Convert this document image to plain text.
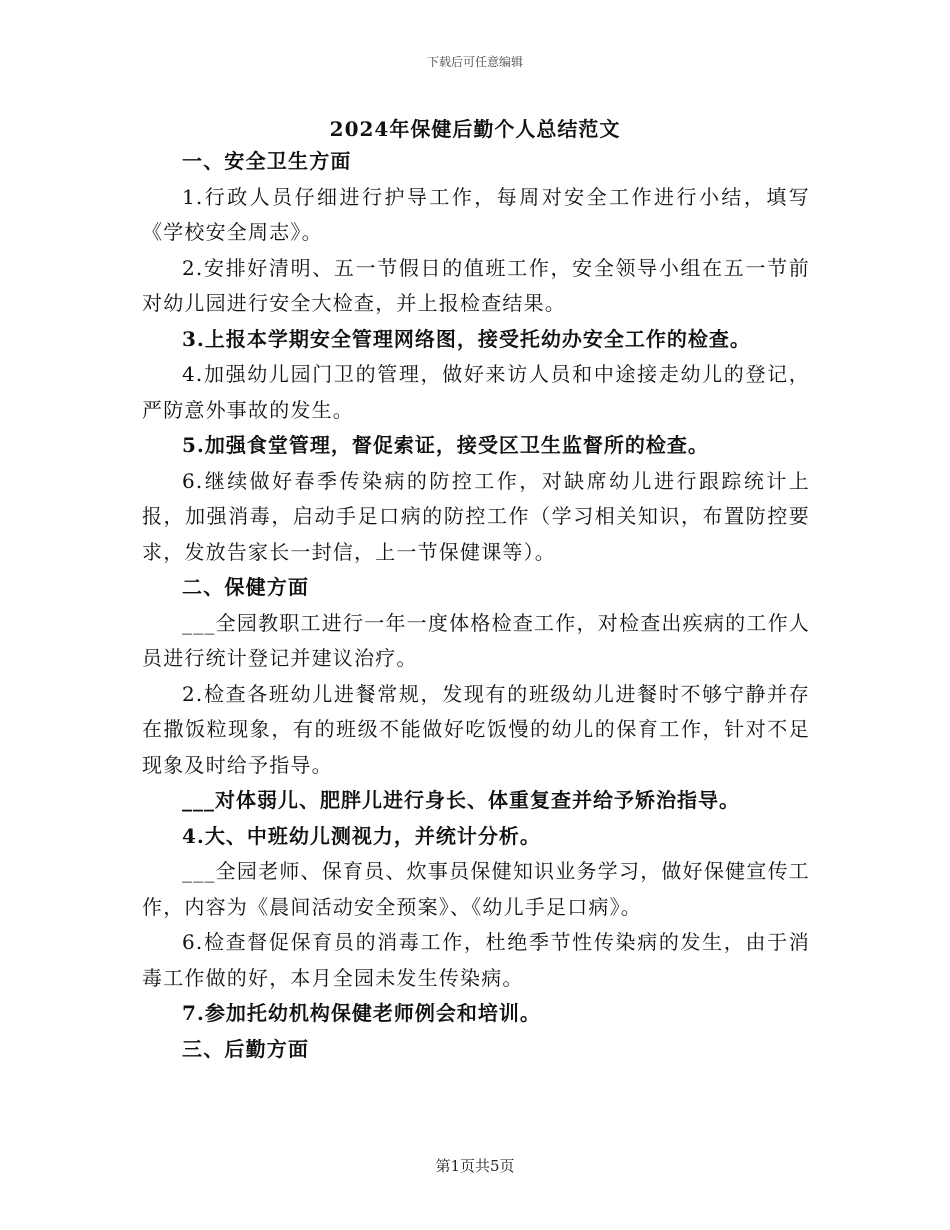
下载后可任意编辑
2024年保健后勤个人总结范文

一、安全卫生方面

1.行政人员仔细进行护导工作，每周对安全工作进行小结，填写《学校安全周志》。

2.安排好清明、五一节假日的值班工作，安全领导小组在五一节前对幼儿园进行安全大检查，并上报检查结果。

3.上报本学期安全管理网络图，接受托幼办安全工作的检查。

4.加强幼儿园门卫的管理，做好来访人员和中途接走幼儿的登记，严防意外事故的发生。

5.加强食堂管理，督促索证，接受区卫生监督所的检查。

6.继续做好春季传染病的防控工作，对缺席幼儿进行跟踪统计上报，加强消毒，启动手足口病的防控工作（学习相关知识，布置防控要求，发放告家长一封信，上一节保健课等）。

二、保健方面

___全园教职工进行一年一度体格检查工作，对检查出疾病的工作人员进行统计登记并建议治疗。

2.检查各班幼儿进餐常规，发现有的班级幼儿进餐时不够宁静并存在撒饭粒现象，有的班级不能做好吃饭慢的幼儿的保育工作，针对不足现象及时给予指导。

___对体弱儿、肥胖儿进行身长、体重复查并给予矫治指导。

4.大、中班幼儿测视力，并统计分析。

___全园老师、保育员、炊事员保健知识业务学习，做好保健宣传工作，内容为《晨间活动安全预案》、《幼儿手足口病》。

6.检查督促保育员的消毒工作，杜绝季节性传染病的发生，由于消毒工作做的好，本月全园未发生传染病。

7.参加托幼机构保健老师例会和培训。

三、后勤方面

第1页共5页
